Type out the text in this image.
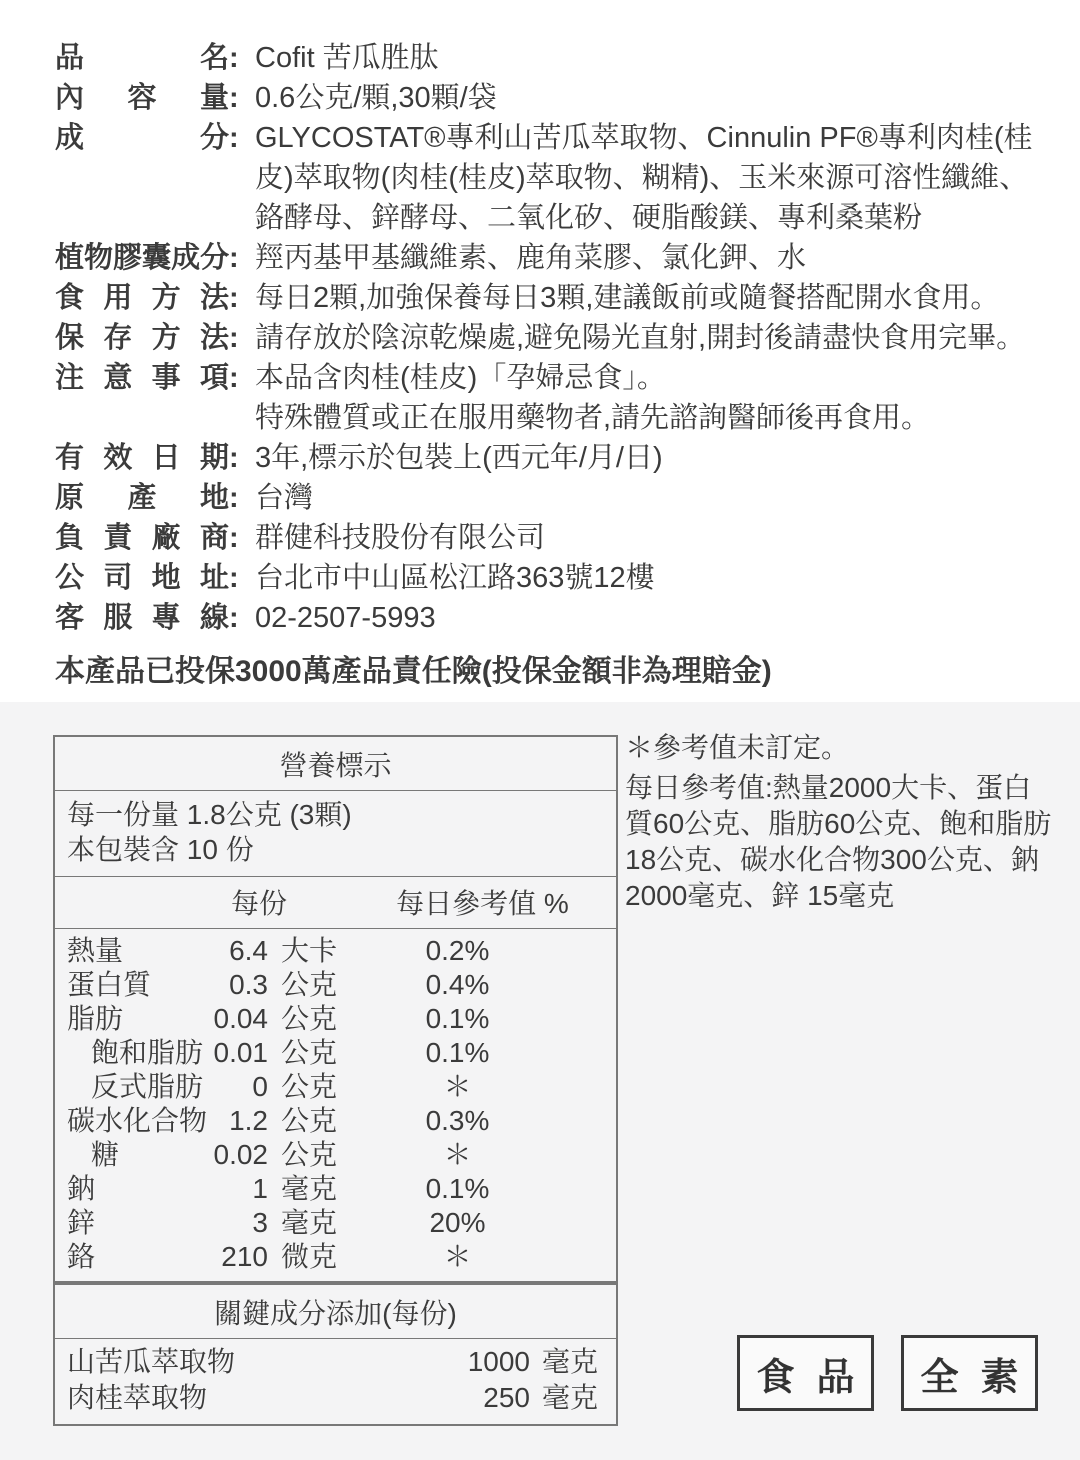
品	名 : Cofit 苦瓜胜肽
內 容 量 : 0.6公克/顆,30顆/袋
成	分 : GLYCOSTAT®專利山苦瓜萃取物、Cinnulin PF®專利肉桂(桂
皮)萃取物(肉桂(桂皮)萃取物、糊精)、玉米來源可溶性纖維、
鉻酵母、鋅酵母、二氧化矽、硬脂酸鎂、專利桑葉粉
植 物 膠 囊 成 分 : 羥丙基甲基纖維素、鹿角菜膠、氯化鉀、水
食 用 方 法 : 每日2顆,加強保養每日3顆,建議飯前或隨餐搭配開水食用。
保 存 方 法 : 請存放於陰涼乾燥處,避免陽光直射,開封後請盡快食用完畢。
注 意 事 項 : 本品含肉桂(桂皮)「孕婦忌食」。
特殊體質或正在服用藥物者,請先諮詢醫師後再食用。
有 效 日 期 : 3年,標示於包裝上(西元年/月/日)
原 產 地 : 台灣
負 責 廠 商 : 群健科技股份有限公司
公 司 地 址 : 台北市中山區松江路363號12樓
客 服 專 線 : 02-2507-5993
本產品已投保3000萬產品責任險(投保金額非為理賠金)
營養標示
每一份量 1.8公克 (3顆)
本包裝含 10 份
每份	每日參考值 %
熱量	6.4 大卡	0.2%
蛋白質	0.3 公克	0.4%
脂肪	0.04 公克	0.1%
飽和脂肪 0.01 公克	0.1%
反式脂肪	0 公克	＊
碳水化合物 1.2 公克	0.3%
糖	0.02 公克	＊
鈉	1 毫克	0.1%
鋅	3 毫克	20%
鉻	210 微克	＊
＊參考值未訂定。
每日參考值:熱量2000大卡、蛋白質60公克、脂肪60公克、飽和脂肪18公克、碳水化合物300公克、鈉2000毫克、鋅 15毫克
關鍵成分添加(每份)
山苦瓜萃取物	1000 毫克
肉桂萃取物	250 毫克	食品 全素
